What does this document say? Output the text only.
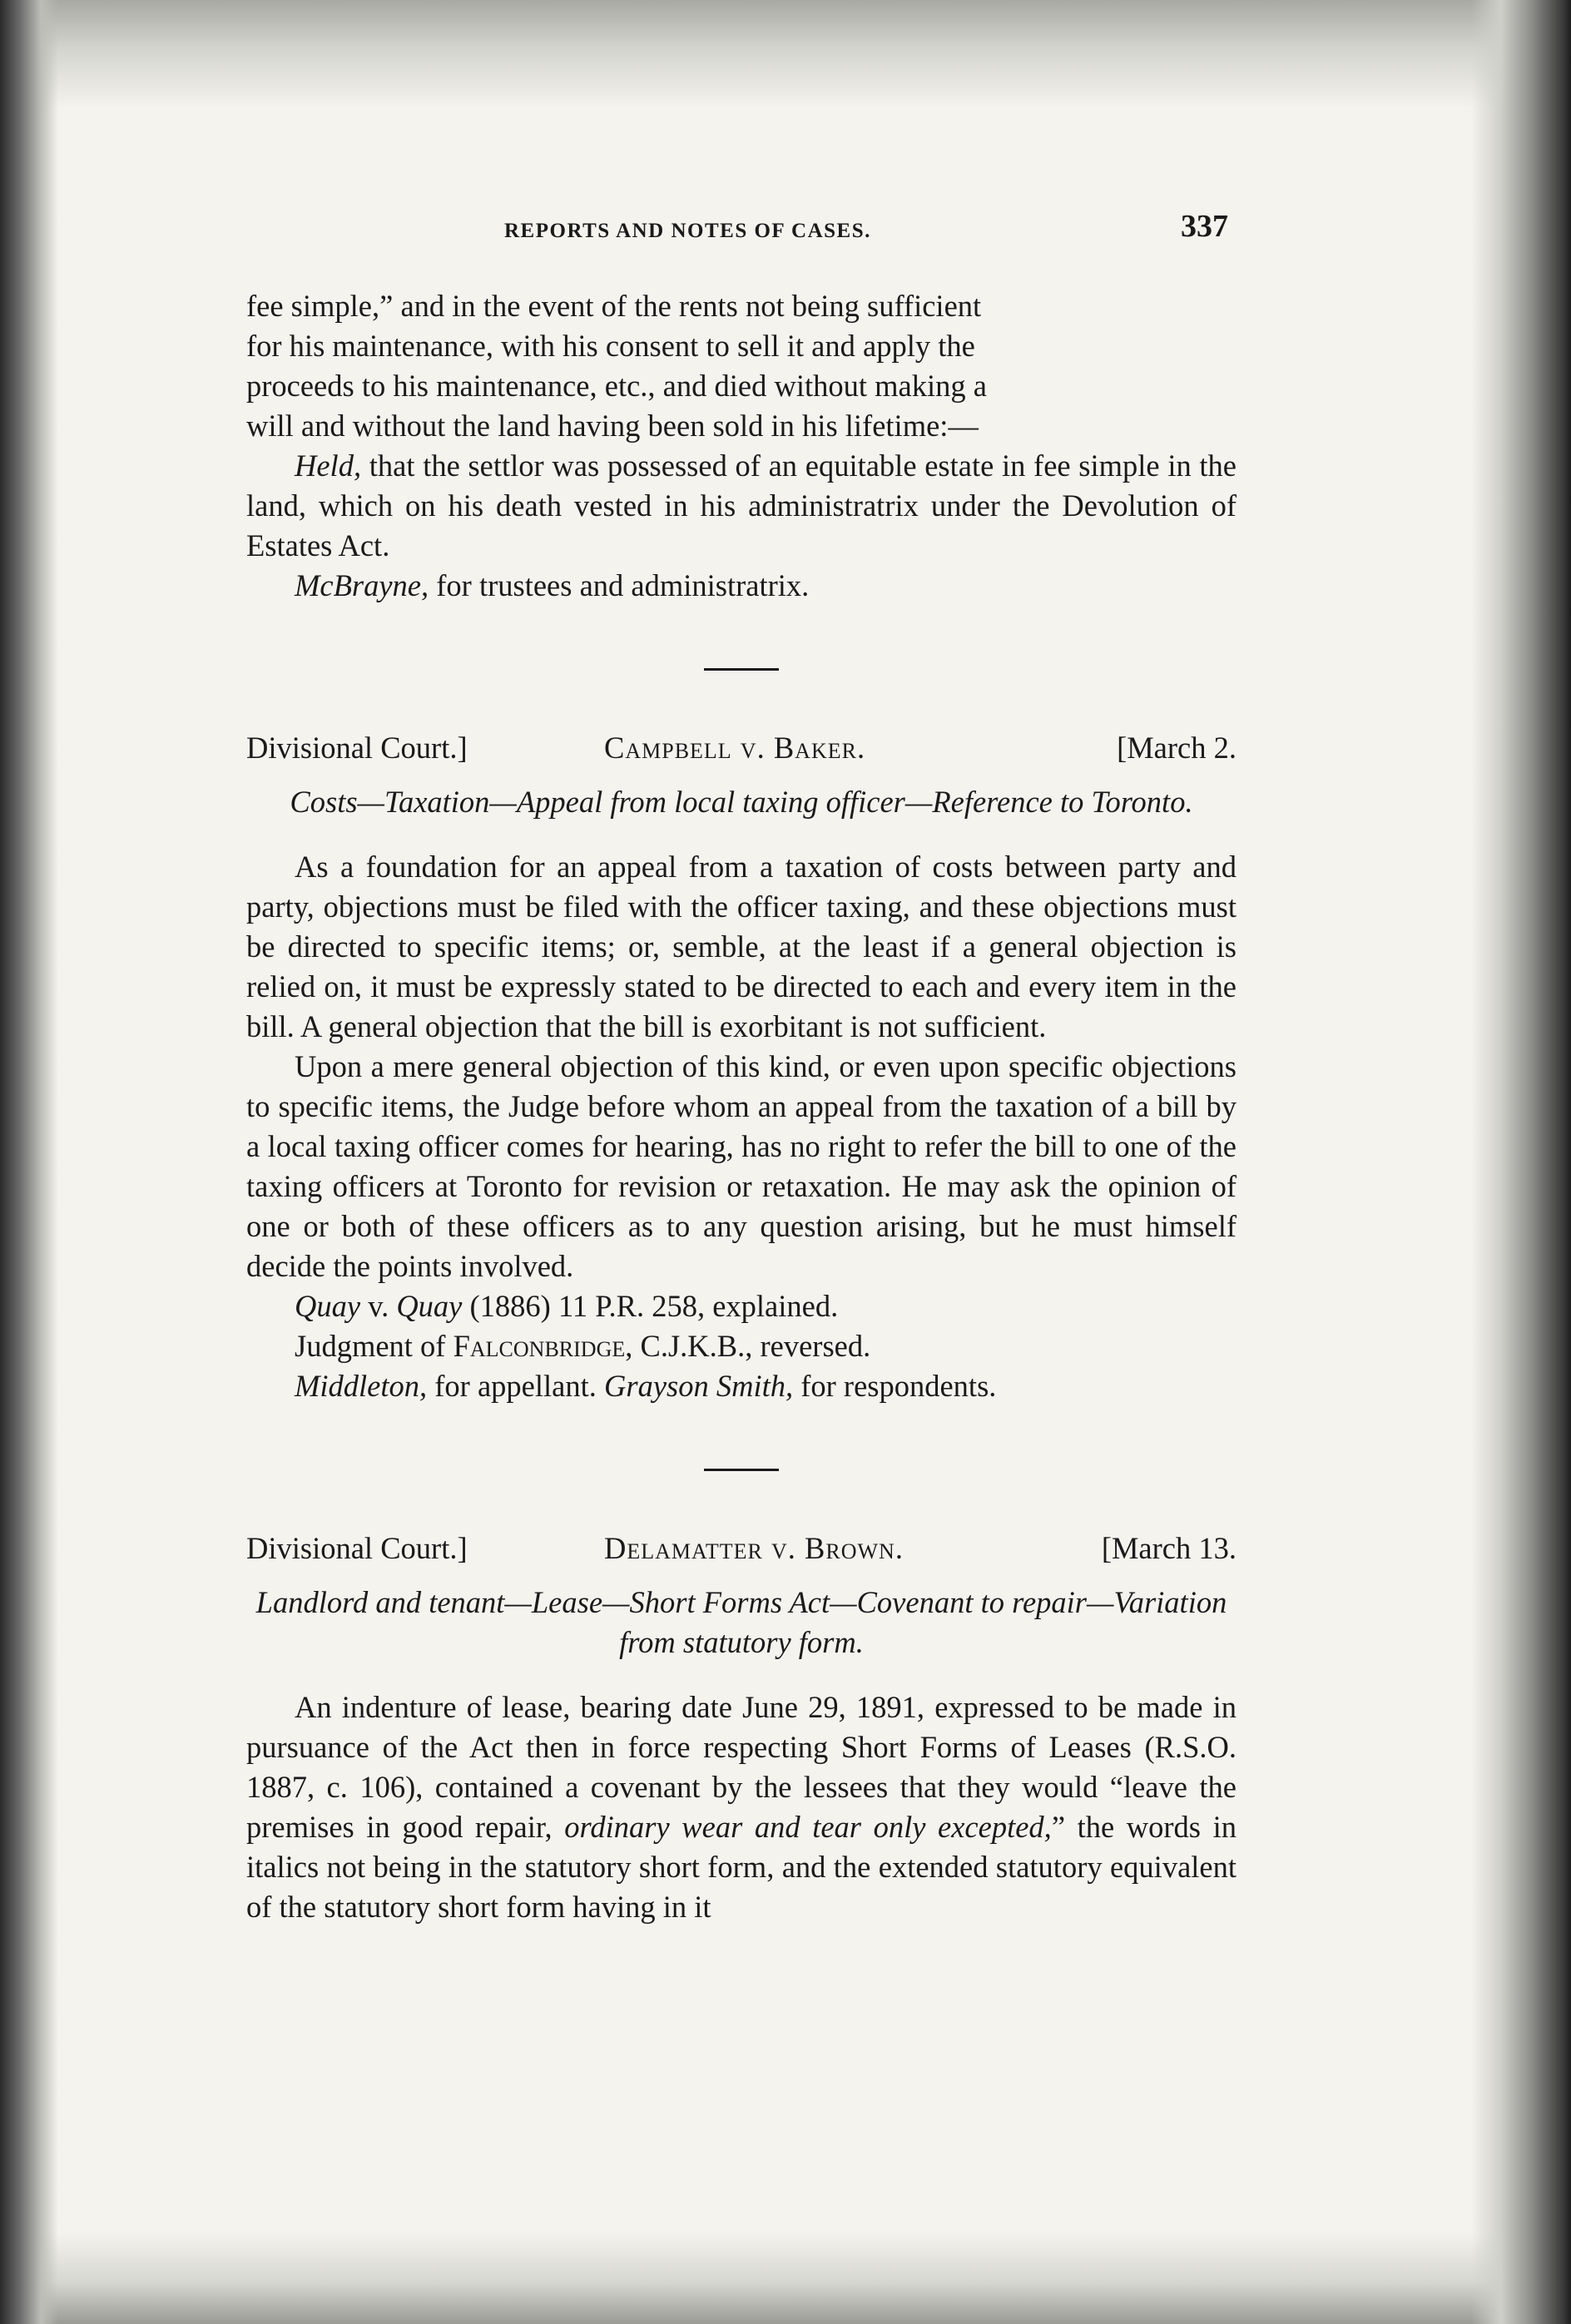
REPORTS AND NOTES OF CASES.	337

fee simple,” and in the event of the rents not being sufficient
for his maintenance, with his consent to sell it and apply the
proceeds to his maintenance, etc., and died without making a
will and without the land having been sold in his lifetime:—

Held, that the settlor was possessed of an equitable estate in fee simple in the land, which on his death vested in his administratrix under the Devolution of Estates Act.

McBrayne, for trustees and administratrix.

Divisional Court.]	Campbell v. Baker.	[March 2.

Costs—Taxation—Appeal from local taxing officer—Reference to Toronto.

As a foundation for an appeal from a taxation of costs between party and party, objections must be filed with the officer taxing, and these objections must be directed to specific items; or, semble, at the least if a general objection is relied on, it must be expressly stated to be directed to each and every item in the bill. A general objection that the bill is exorbitant is not sufficient.

Upon a mere general objection of this kind, or even upon specific objections to specific items, the Judge before whom an appeal from the taxation of a bill by a local taxing officer comes for hearing, has no right to refer the bill to one of the taxing officers at Toronto for revision or retaxation. He may ask the opinion of one or both of these officers as to any question arising, but he must himself decide the points involved.

Quay v. Quay (1886) 11 P.R. 258, explained.

Judgment of Falconbridge, C.J.K.B., reversed.

Middleton, for appellant. Grayson Smith, for respondents.

Divisional Court.]	Delamatter v. Brown.	[March 13.

Landlord and tenant—Lease—Short Forms Act—Covenant to repair—Variation from statutory form.

An indenture of lease, bearing date June 29, 1891, expressed to be made in pursuance of the Act then in force respecting Short Forms of Leases (R.S.O. 1887, c. 106), contained a covenant by the lessees that they would “leave the premises in good repair, ordinary wear and tear only excepted,” the words in italics not being in the statutory short form, and the extended statutory equivalent of the statutory short form having in it
